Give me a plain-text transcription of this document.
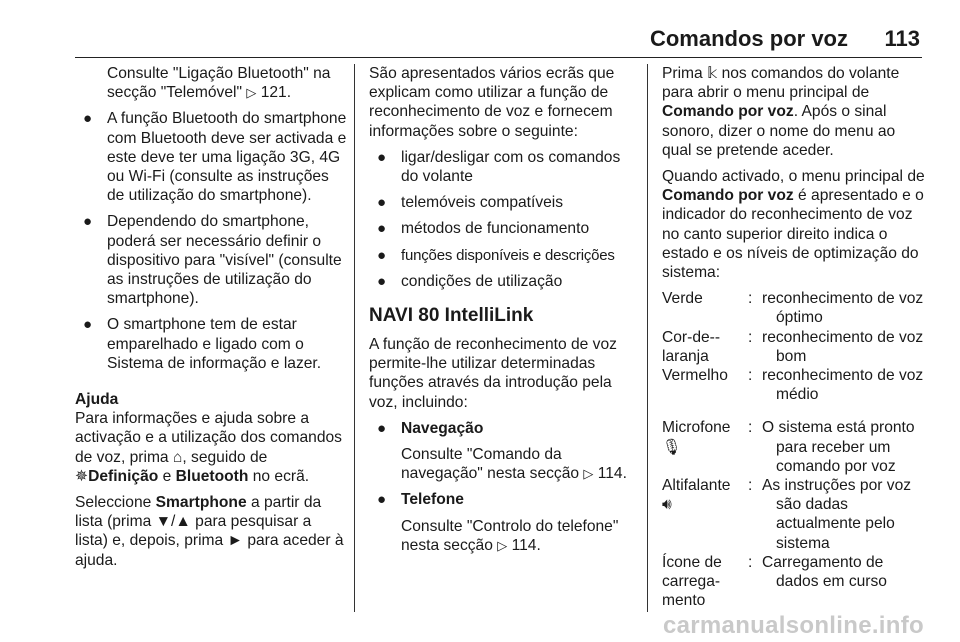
Comandos por voz 113

Consulte "Ligação Bluetooth" na secção "Telemóvel" ▷ 121.

● A função Bluetooth do smartphone com Bluetooth deve ser activada e este deve ter uma ligação 3G, 4G ou Wi-Fi (consulte as instruções de utilização do smartphone).
● Dependendo do smartphone, poderá ser necessário definir o dispositivo para "visível" (consulte as instruções de utilização do smartphone).
● O smartphone tem de estar emparelhado e ligado com o Sistema de informação e lazer.
Ajuda

Para informações e ajuda sobre a activação e a utilização dos comandos de voz, prima ⌂, seguido de ✵Definição e Bluetooth no ecrã.

Seleccione Smartphone a partir da lista (prima ▼/▲ para pesquisar a lista) e, depois, prima ► para aceder à ajuda.

São apresentados vários ecrãs que explicam como utilizar a função de reconhecimento de voz e fornecem informações sobre o seguinte:

● ligar/desligar com os comandos do volante
● telemóveis compatíveis
● métodos de funcionamento
● funções disponíveis e descrições
● condições de utilização
NAVI 80 IntelliLink

A função de reconhecimento de voz permite-lhe utilizar determinadas funções através da introdução pela voz, incluindo:

● Navegação

Consulte "Comando da navegação" nesta secção ▷ 114.

● Telefone

Consulte "Controlo do telefone" nesta secção ▷ 114.

Prima 𝕜 nos comandos do volante para abrir o menu principal de Comando por voz. Após o sinal sonoro, dizer o nome do menu ao qual se pretende aceder.

Quando activado, o menu principal de Comando por voz é apresentado e o indicador do reconhecimento de voz no canto superior direito indica o estado e os níveis de optimização do sistema:

Verde	:	reconhecimento de voz óptimo

Cor-de--laranja	:	reconhecimento de voz bom

Vermelho	:	reconhecimento de voz médio
Microfone
🎙︎	:	O sistema está pronto para receber um comando por voz

Altifalante
🔊︎	:	As instruções por voz são dadas actualmente pelo sistema

Ícone de carrega-mento	:	Carregamento de dados em curso
carmanualsonline.info
